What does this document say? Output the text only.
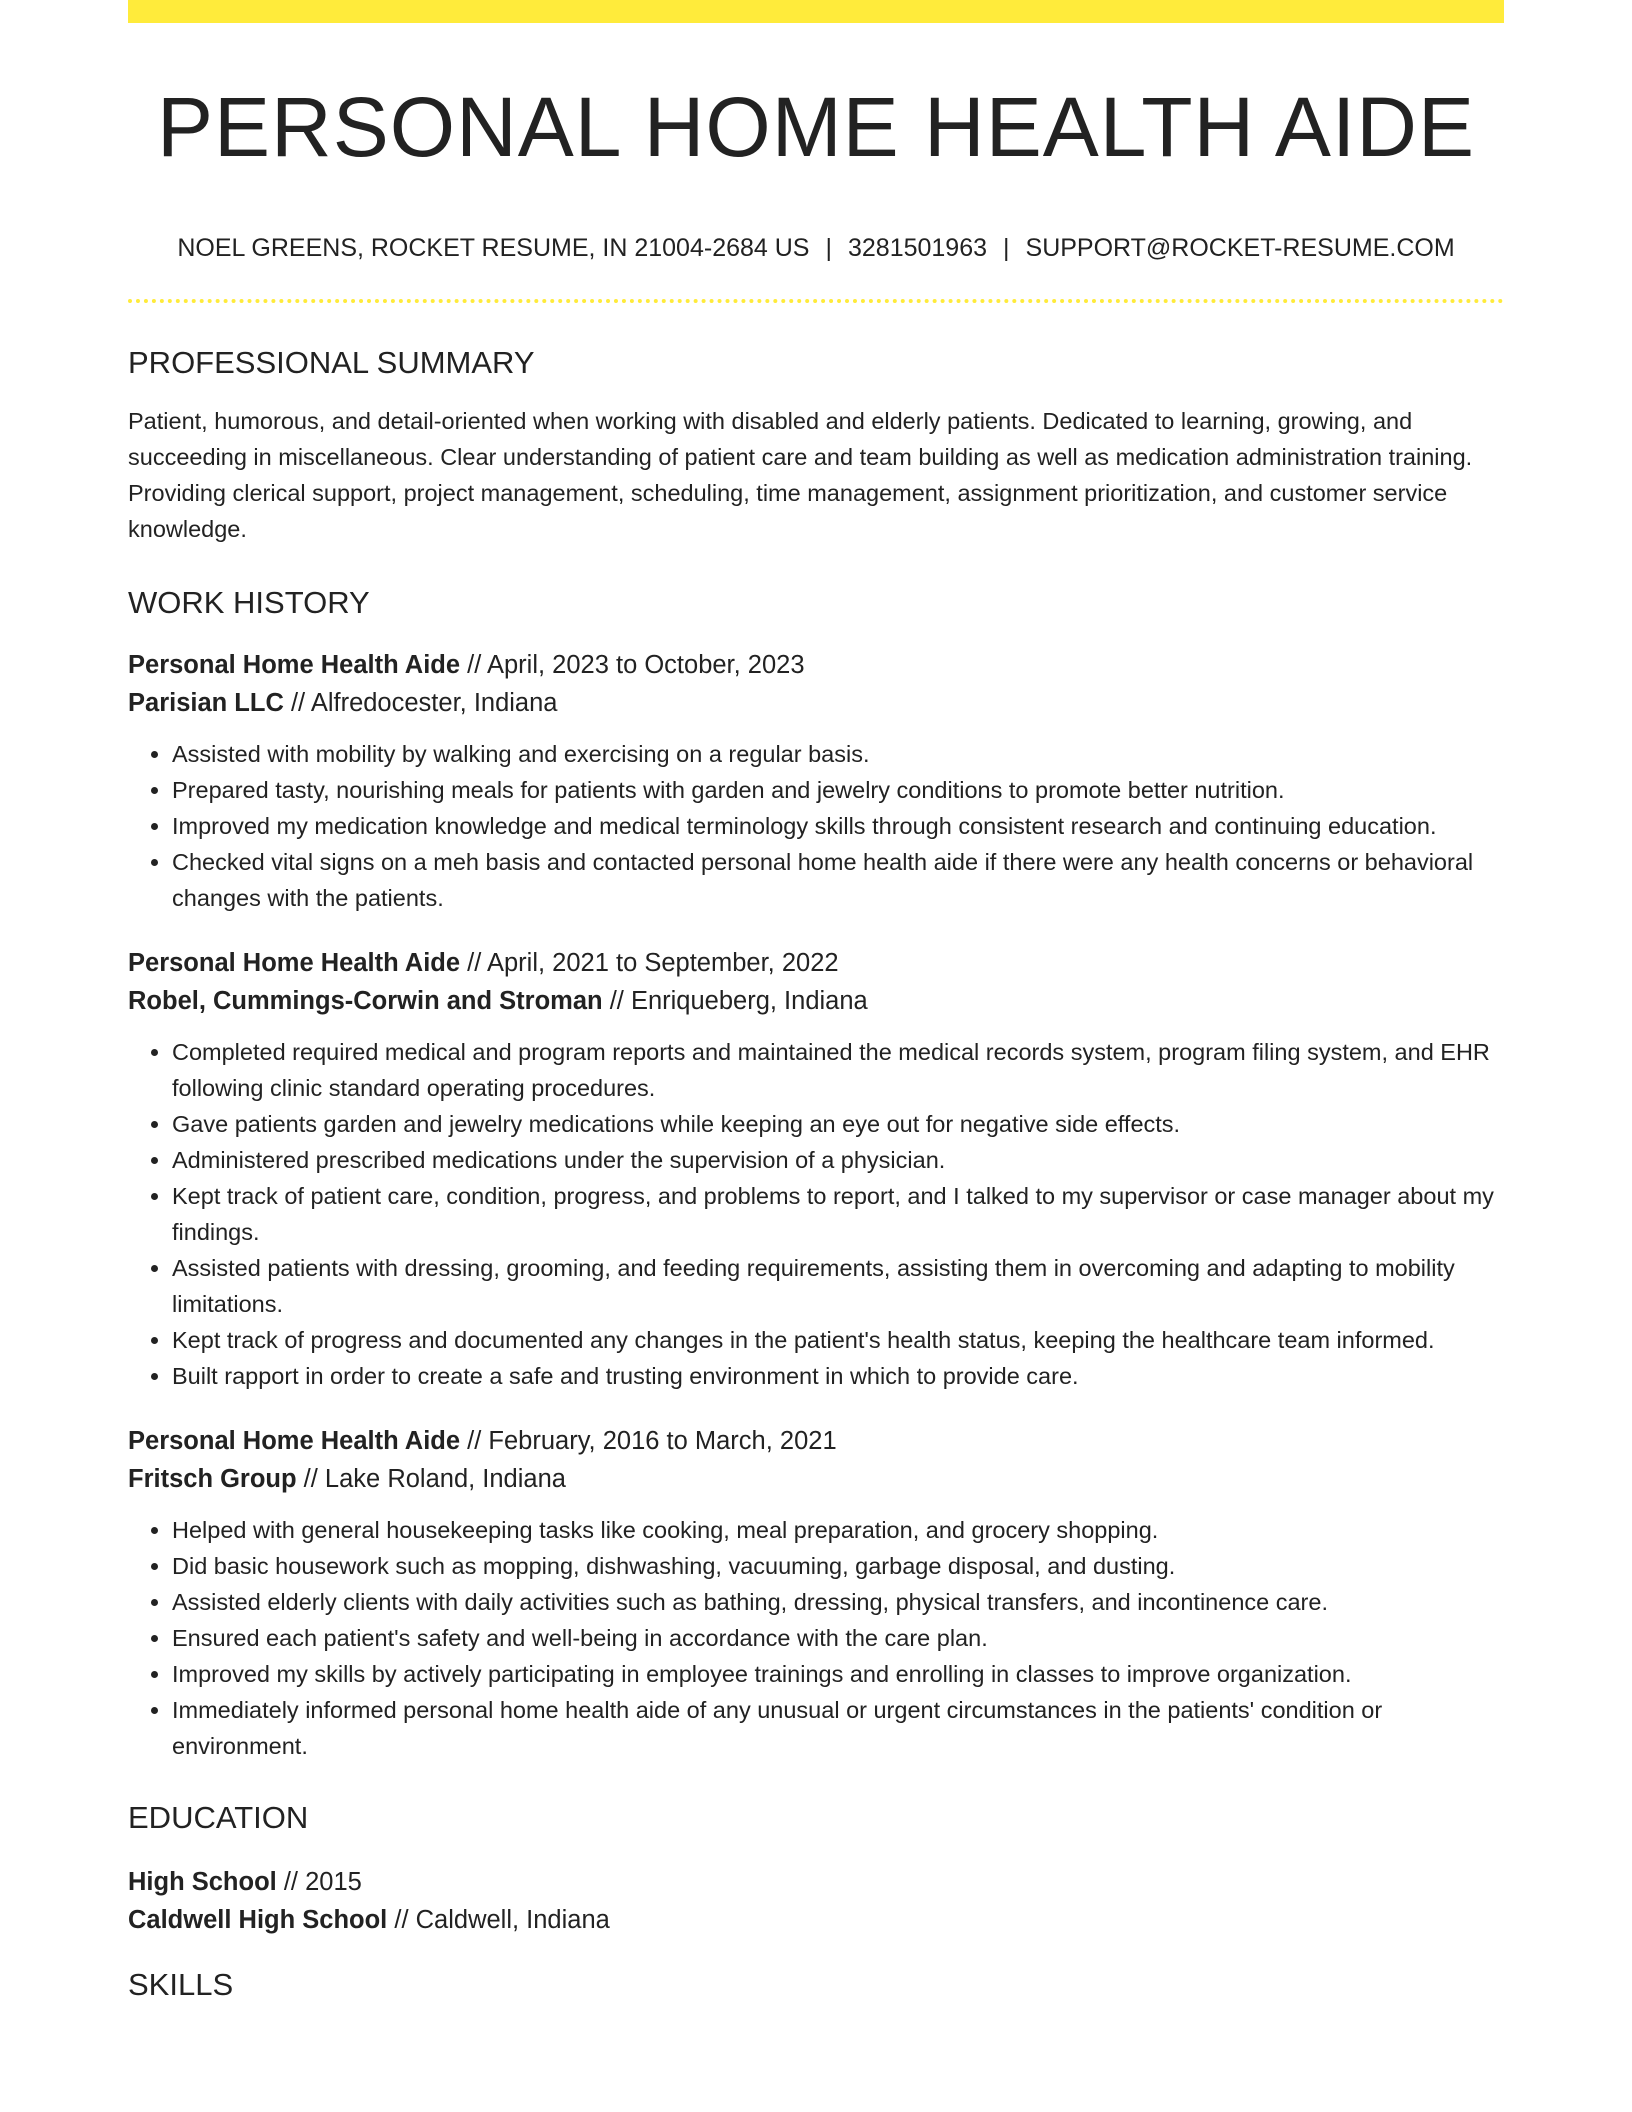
PERSONAL HOME HEALTH AIDE
NOEL GREENS, ROCKET RESUME, IN 21004-2684 US | 3281501963 | SUPPORT@ROCKET-RESUME.COM
PROFESSIONAL SUMMARY

Patient, humorous, and detail-oriented when working with disabled and elderly patients. Dedicated to learning, growing, and succeeding in miscellaneous. Clear understanding of patient care and team building as well as medication administration training. Providing clerical support, project management, scheduling, time management, assignment prioritization, and customer service knowledge.

WORK HISTORY
Personal Home Health Aide // April, 2023 to October, 2023
Parisian LLC // Alfredocester, Indiana
• Assisted with mobility by walking and exercising on a regular basis.
• Prepared tasty, nourishing meals for patients with garden and jewelry conditions to promote better nutrition.
• Improved my medication knowledge and medical terminology skills through consistent research and continuing education.
• Checked vital signs on a meh basis and contacted personal home health aide if there were any health concerns or behavioral changes with the patients.
Personal Home Health Aide // April, 2021 to September, 2022
Robel, Cummings-Corwin and Stroman // Enriqueberg, Indiana
• Completed required medical and program reports and maintained the medical records system, program filing system, and EHR following clinic standard operating procedures.
• Gave patients garden and jewelry medications while keeping an eye out for negative side effects.
• Administered prescribed medications under the supervision of a physician.
• Kept track of patient care, condition, progress, and problems to report, and I talked to my supervisor or case manager about my findings.
• Assisted patients with dressing, grooming, and feeding requirements, assisting them in overcoming and adapting to mobility limitations.
• Kept track of progress and documented any changes in the patient's health status, keeping the healthcare team informed.
• Built rapport in order to create a safe and trusting environment in which to provide care.
Personal Home Health Aide // February, 2016 to March, 2021
Fritsch Group // Lake Roland, Indiana
• Helped with general housekeeping tasks like cooking, meal preparation, and grocery shopping.
• Did basic housework such as mopping, dishwashing, vacuuming, garbage disposal, and dusting.
• Assisted elderly clients with daily activities such as bathing, dressing, physical transfers, and incontinence care.
• Ensured each patient's safety and well-being in accordance with the care plan.
• Improved my skills by actively participating in employee trainings and enrolling in classes to improve organization.
• Immediately informed personal home health aide of any unusual or urgent circumstances in the patients' condition or environment.
EDUCATION
High School // 2015
Caldwell High School // Caldwell, Indiana
SKILLS
